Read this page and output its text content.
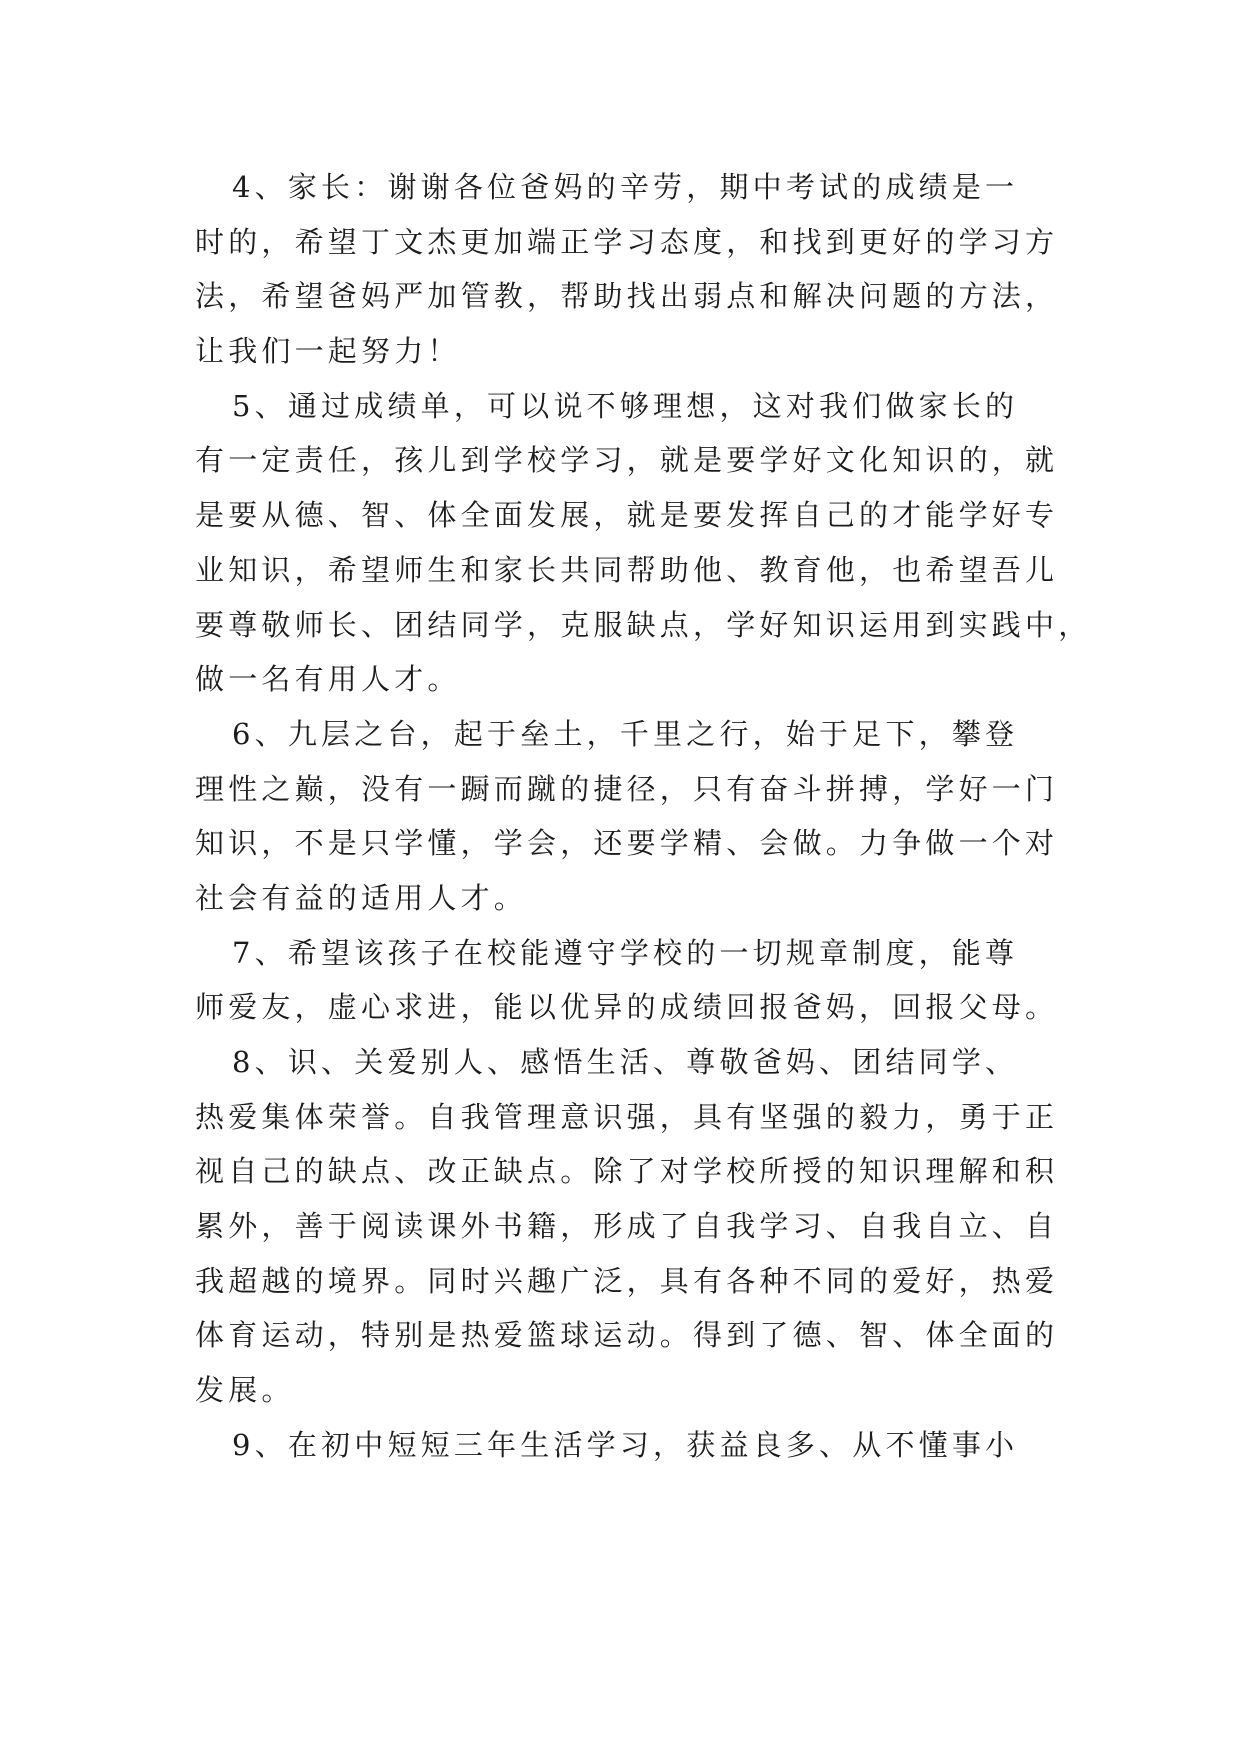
4、家长：谢谢各位爸妈的辛劳，期中考试的成绩是一
时的，希望丁文杰更加端正学习态度，和找到更好的学习方
法，希望爸妈严加管教，帮助找出弱点和解决问题的方法，
让我们一起努力！
5、通过成绩单，可以说不够理想，这对我们做家长的
有一定责任，孩儿到学校学习，就是要学好文化知识的，就
是要从德、智、体全面发展，就是要发挥自己的才能学好专
业知识，希望师生和家长共同帮助他、教育他，也希望吾儿
要尊敬师长、团结同学，克服缺点，学好知识运用到实践中，
做一名有用人才。
6、九层之台，起于垒土，千里之行，始于足下，攀登
理性之巅，没有一蹰而蹴的捷径，只有奋斗拼搏，学好一门
知识，不是只学懂，学会，还要学精、会做。力争做一个对
社会有益的适用人才。
7、希望该孩子在校能遵守学校的一切规章制度，能尊
师爱友，虚心求进，能以优异的成绩回报爸妈，回报父母。
8、识、关爱别人、感悟生活、尊敬爸妈、团结同学、
热爱集体荣誉。自我管理意识强，具有坚强的毅力，勇于正
视自己的缺点、改正缺点。除了对学校所授的知识理解和积
累外，善于阅读课外书籍，形成了自我学习、自我自立、自
我超越的境界。同时兴趣广泛，具有各种不同的爱好，热爱
体育运动，特别是热爱篮球运动。得到了德、智、体全面的
发展。
9、在初中短短三年生活学习，获益良多、从不懂事小
